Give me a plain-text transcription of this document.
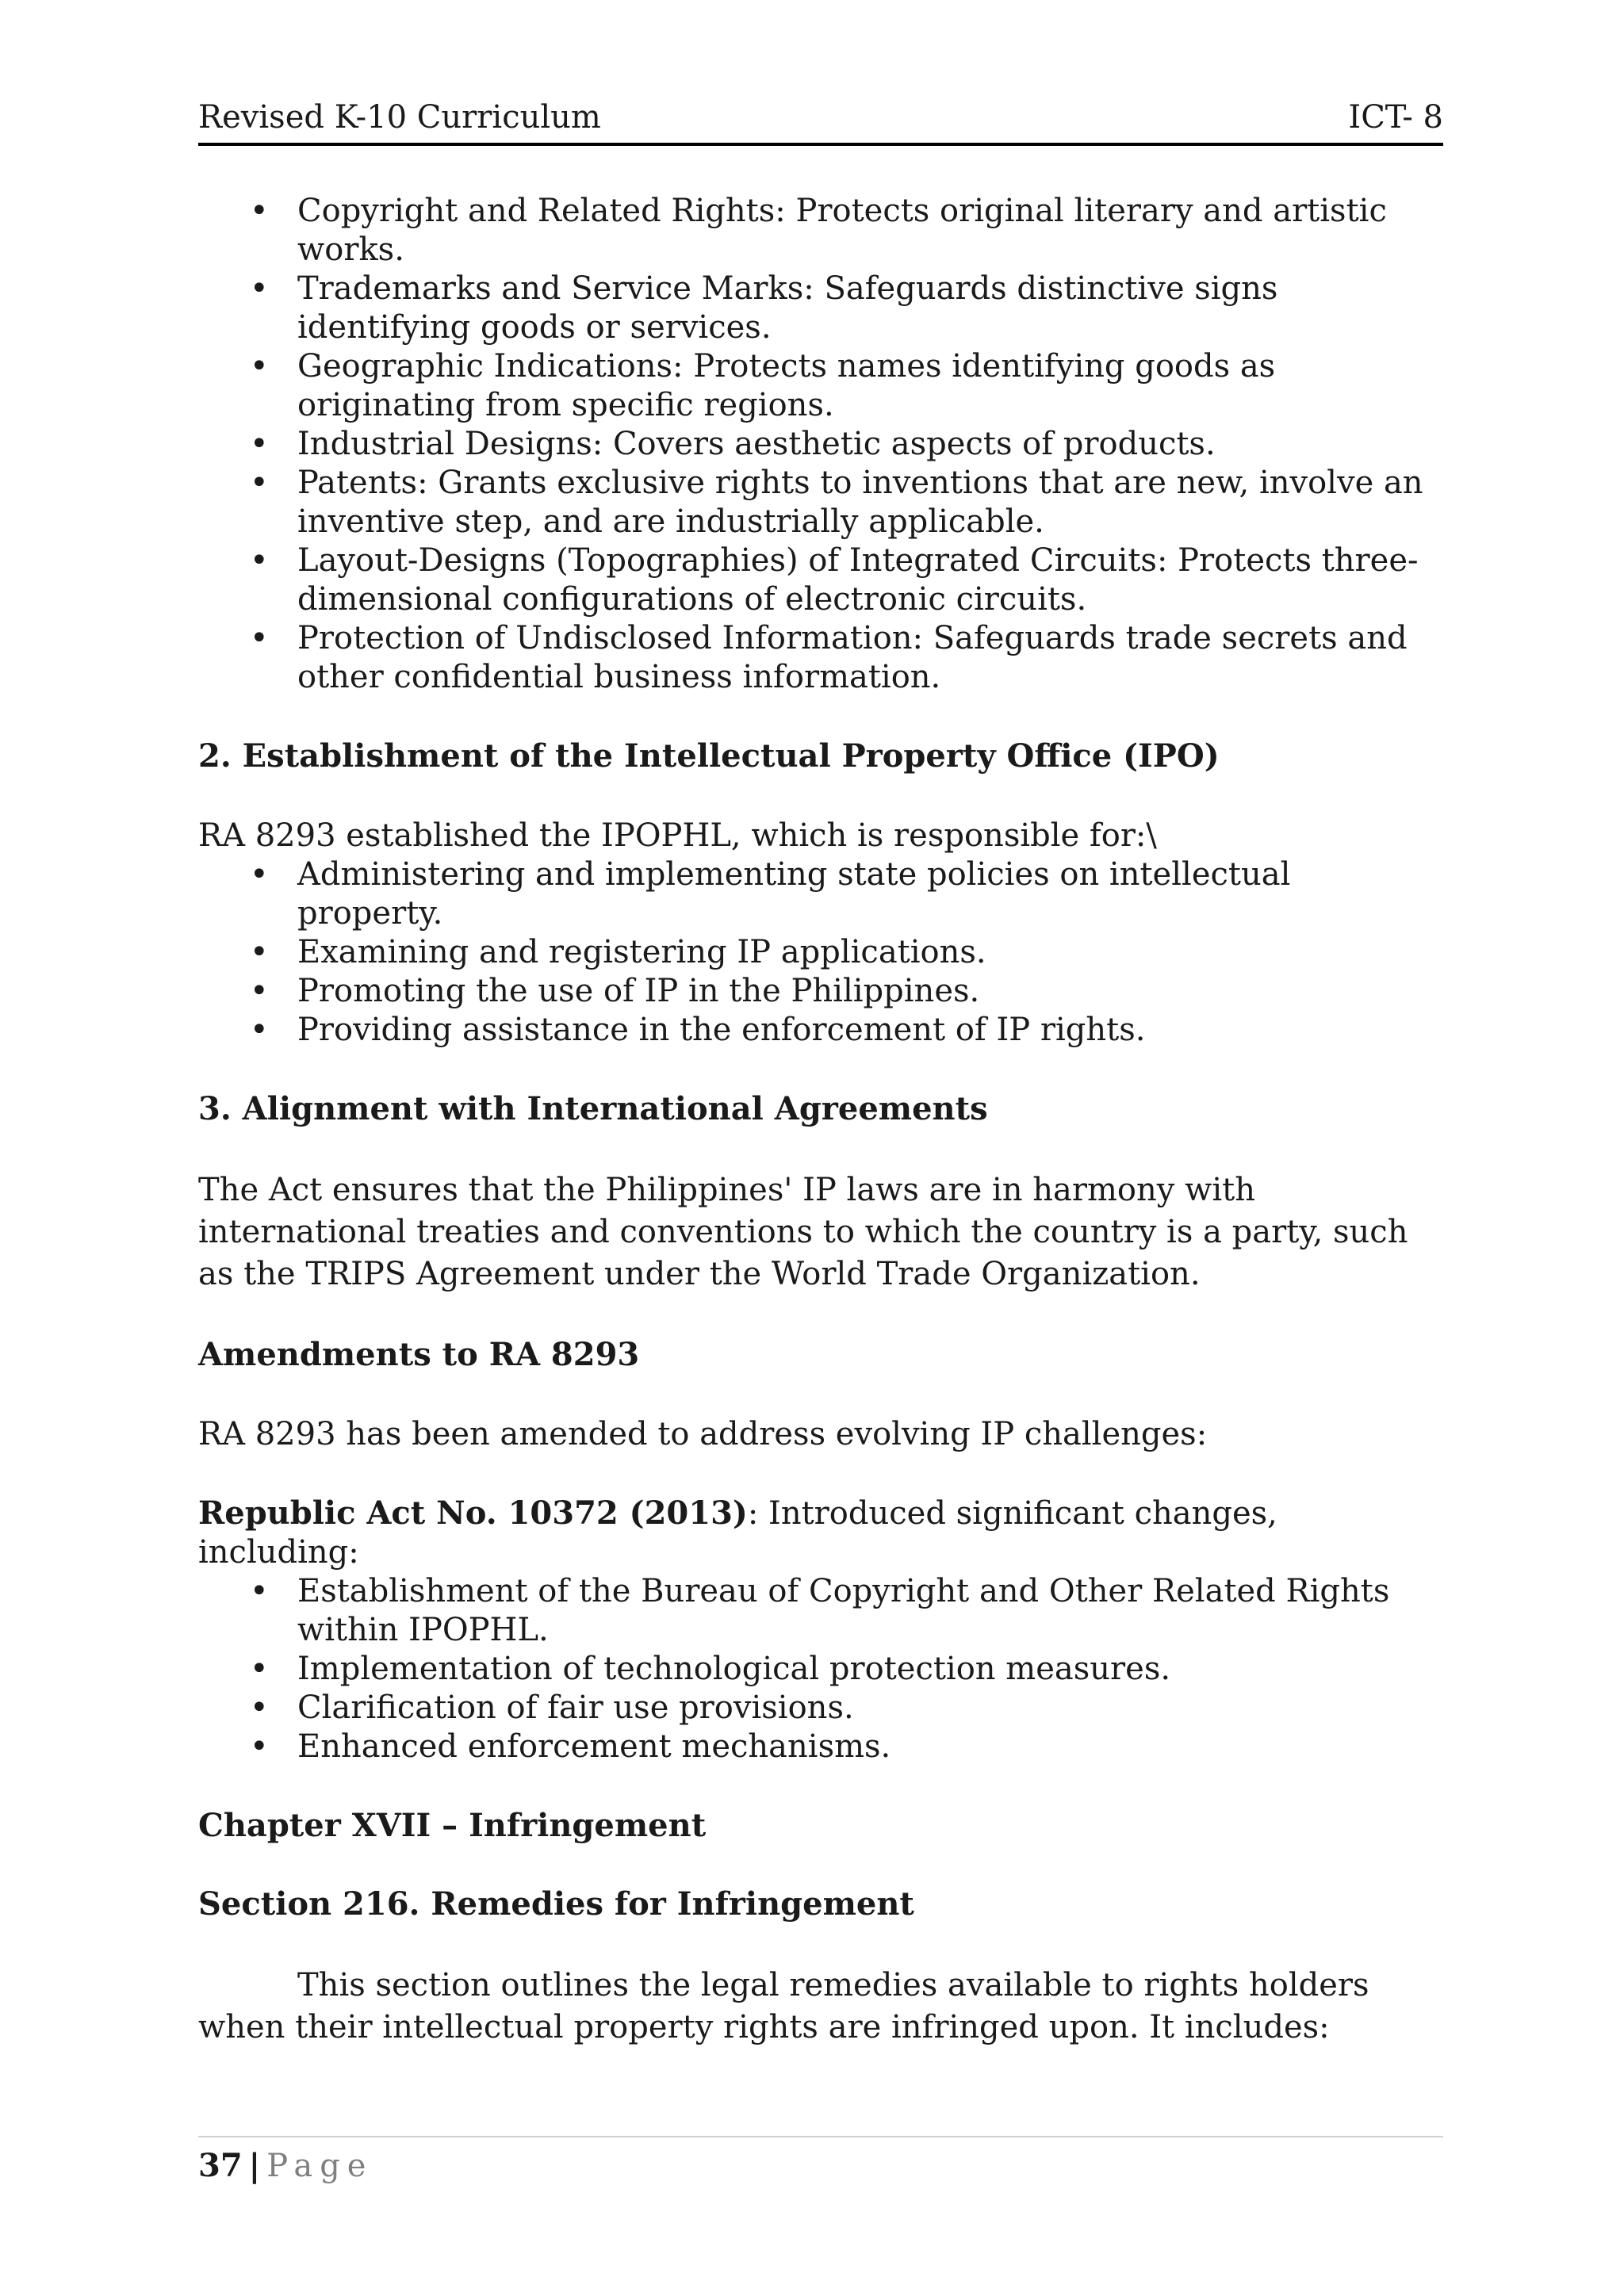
Revised K-10 Curriculum	ICT- 8
• Copyright and Related Rights: Protects original literary and artistic works.
• Trademarks and Service Marks: Safeguards distinctive signs identifying goods or services.
• Geographic Indications: Protects names identifying goods as originating from specific regions.
• Industrial Designs: Covers aesthetic aspects of products.
• Patents: Grants exclusive rights to inventions that are new, involve an inventive step, and are industrially applicable.
• Layout-Designs (Topographies) of Integrated Circuits: Protects three-dimensional configurations of electronic circuits.
• Protection of Undisclosed Information: Safeguards trade secrets and other confidential business information.
2. Establishment of the Intellectual Property Office (IPO)

RA 8293 established the IPOPHL, which is responsible for:\

• Administering and implementing state policies on intellectual property.
• Examining and registering IP applications.
• Promoting the use of IP in the Philippines.
• Providing assistance in the enforcement of IP rights.
3. Alignment with International Agreements

The Act ensures that the Philippines' IP laws are in harmony with international treaties and conventions to which the country is a party, such as the TRIPS Agreement under the World Trade Organization.

Amendments to RA 8293

RA 8293 has been amended to address evolving IP challenges:

Republic Act No. 10372 (2013): Introduced significant changes, including:

• Establishment of the Bureau of Copyright and Other Related Rights within IPOPHL.
• Implementation of technological protection measures.
• Clarification of fair use provisions.
• Enhanced enforcement mechanisms.
Chapter XVII – Infringement
Section 216. Remedies for Infringement

This section outlines the legal remedies available to rights holders when their intellectual property rights are infringed upon. It includes:

37 | Page
